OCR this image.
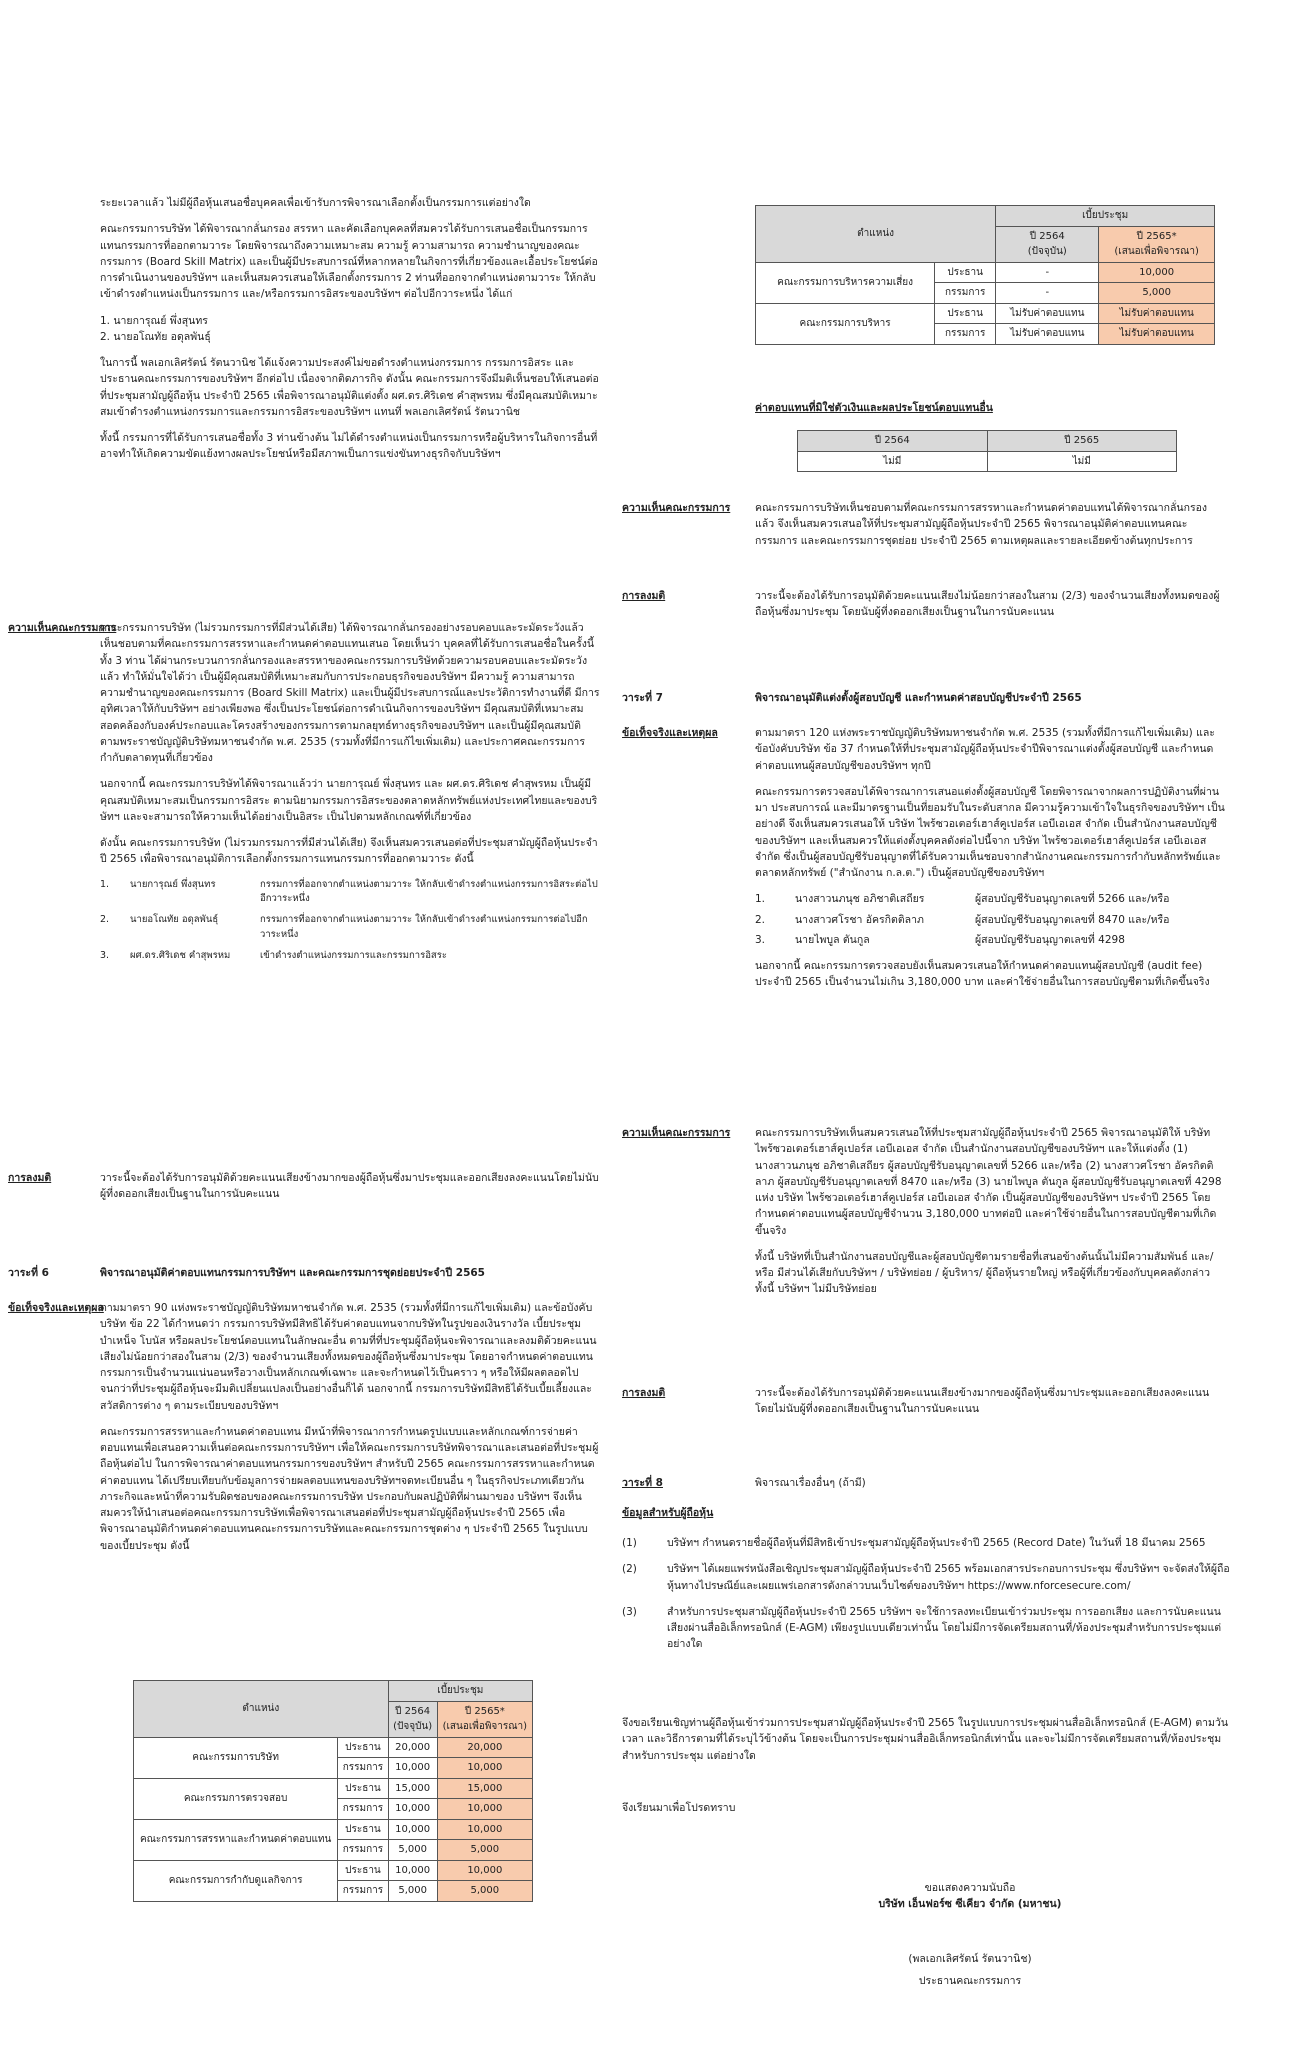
ระยะเวลาแล้ว ไม่มีผู้ถือหุ้นเสนอชื่อบุคคลเพื่อเข้ารับการพิจารณาเลือกตั้งเป็นกรรมการแต่อย่างใด

คณะกรรมการบริษัท ได้พิจารณากลั่นกรอง สรรหา และคัดเลือกบุคคลที่สมควรได้รับการเสนอชื่อเป็นกรรมการแทนกรรมการที่ออกตามวาระ โดยพิจารณาถึงความเหมาะสม ความรู้ ความสามารถ ความชำนาญของคณะกรรมการ (Board Skill Matrix) และเป็นผู้มีประสบการณ์ที่หลากหลายในกิจการที่เกี่ยวข้องและเอื้อประโยชน์ต่อการดำเนินงานของบริษัทฯ และเห็นสมควรเสนอให้เลือกตั้งกรรมการ 2 ท่านที่ออกจากตำแหน่งตามวาระ ให้กลับเข้าดำรงตำแหน่งเป็นกรรมการ และ/หรือกรรมการอิสระของบริษัทฯ ต่อไปอีกวาระหนึ่ง ได้แก่

1. นายการุณย์ พึ่งสุนทร
2. นายอโณทัย อดุลพันธุ์

ในการนี้ พลเอกเลิศรัตน์ รัตนวานิช ได้แจ้งความประสงค์ไม่ขอดำรงตำแหน่งกรรมการ กรรมการอิสระ และประธานคณะกรรมการของบริษัทฯ อีกต่อไป เนื่องจากติดภารกิจ ดังนั้น คณะกรรมการจึงมีมติเห็นชอบให้เสนอต่อที่ประชุมสามัญผู้ถือหุ้น ประจำปี 2565 เพื่อพิจารณาอนุมัติแต่งตั้ง ผศ.ดร.ศิริเดช คำสุพรหม ซึ่งมีคุณสมบัติเหมาะสมเข้าดำรงตำแหน่งกรรมการและกรรมการอิสระของบริษัทฯ แทนที่ พลเอกเลิศรัตน์ รัตนวานิช

ทั้งนี้ กรรมการที่ได้รับการเสนอชื่อทั้ง 3 ท่านข้างต้น ไม่ได้ดำรงตำแหน่งเป็นกรรมการหรือผู้บริหารในกิจการอื่นที่อาจทำให้เกิดความขัดแย้งทางผลประโยชน์หรือมีสภาพเป็นการแข่งขันทางธุรกิจกับบริษัทฯ

ความเห็นคณะกรรมการ

คณะกรรมการบริษัท (ไม่รวมกรรมการที่มีส่วนได้เสีย) ได้พิจารณากลั่นกรองอย่างรอบคอบและระมัดระวังแล้ว เห็นชอบตามที่คณะกรรมการสรรหาและกำหนดค่าตอบแทนเสนอ โดยเห็นว่า บุคคลที่ได้รับการเสนอชื่อในครั้งนี้ทั้ง 3 ท่าน ได้ผ่านกระบวนการกลั่นกรองและสรรหาของคณะกรรมการบริษัทด้วยความรอบคอบและระมัดระวังแล้ว ทำให้มั่นใจได้ว่า เป็นผู้มีคุณสมบัติที่เหมาะสมกับการประกอบธุรกิจของบริษัทฯ มีความรู้ ความสามารถ ความชำนาญของคณะกรรมการ (Board Skill Matrix) และเป็นผู้มีประสบการณ์และประวัติการทำงานที่ดี มีการอุทิศเวลาให้กับบริษัทฯ อย่างเพียงพอ ซึ่งเป็นประโยชน์ต่อการดำเนินกิจการของบริษัทฯ มีคุณสมบัติที่เหมาะสมสอดคล้องกับองค์ประกอบและโครงสร้างของกรรมการตามกลยุทธ์ทางธุรกิจของบริษัทฯ และเป็นผู้มีคุณสมบัติตามพระราชบัญญัติบริษัทมหาชนจำกัด พ.ศ. 2535 (รวมทั้งที่มีการแก้ไขเพิ่มเติม) และประกาศคณะกรรมการกำกับตลาดทุนที่เกี่ยวข้อง

นอกจากนี้ คณะกรรมการบริษัทได้พิจารณาแล้วว่า นายการุณย์ พึ่งสุนทร และ ผศ.ดร.ศิริเดช คำสุพรหม เป็นผู้มีคุณสมบัติเหมาะสมเป็นกรรมการอิสระ ตามนิยามกรรมการอิสระของตลาดหลักทรัพย์แห่งประเทศไทยและของบริษัทฯ และจะสามารถให้ความเห็นได้อย่างเป็นอิสระ เป็นไปตามหลักเกณฑ์ที่เกี่ยวข้อง

ดังนั้น คณะกรรมการบริษัท (ไม่รวมกรรมการที่มีส่วนได้เสีย) จึงเห็นสมควรเสนอต่อที่ประชุมสามัญผู้ถือหุ้นประจำปี 2565 เพื่อพิจารณาอนุมัติการเลือกตั้งกรรมการแทนกรรมการที่ออกตามวาระ ดังนี้

1.	นายการุณย์ พึ่งสุนทร	กรรมการที่ออกจากตำแหน่งตามวาระ ให้กลับเข้าดำรงตำแหน่งกรรมการอิสระต่อไปอีกวาระหนึ่ง
2.	นายอโณทัย อดุลพันธุ์	กรรมการที่ออกจากตำแหน่งตามวาระ ให้กลับเข้าดำรงตำแหน่งกรรมการต่อไปอีกวาระหนึ่ง
3.	ผศ.ดร.ศิริเดช คำสุพรหม	เข้าดำรงตำแหน่งกรรมการและกรรมการอิสระ
การลงมติ	วาระนี้จะต้องได้รับการอนุมัติด้วยคะแนนเสียงข้างมากของผู้ถือหุ้นซึ่งมาประชุมและออกเสียงลงคะแนนโดยไม่นับผู้ที่งดออกเสียงเป็นฐานในการนับคะแนน
วาระที่ 6	พิจารณาอนุมัติค่าตอบแทนกรรมการบริษัทฯ และคณะกรรมการชุดย่อยประจำปี 2565
ข้อเท็จจริงและเหตุผล

ตามมาตรา 90 แห่งพระราชบัญญัติบริษัทมหาชนจำกัด พ.ศ. 2535 (รวมทั้งที่มีการแก้ไขเพิ่มเติม) และข้อบังคับบริษัท ข้อ 22 ได้กำหนดว่า กรรมการบริษัทมีสิทธิได้รับค่าตอบแทนจากบริษัทในรูปของเงินรางวัล เบี้ยประชุม บำเหน็จ โบนัส หรือผลประโยชน์ตอบแทนในลักษณะอื่น ตามที่ที่ประชุมผู้ถือหุ้นจะพิจารณาและลงมติด้วยคะแนนเสียงไม่น้อยกว่าสองในสาม (2/3) ของจำนวนเสียงทั้งหมดของผู้ถือหุ้นซึ่งมาประชุม โดยอาจกำหนดค่าตอบแทนกรรมการเป็นจำนวนแน่นอนหรือวางเป็นหลักเกณฑ์เฉพาะ และจะกำหนดไว้เป็นคราว ๆ หรือให้มีผลตลอดไปจนกว่าที่ประชุมผู้ถือหุ้นจะมีมติเปลี่ยนแปลงเป็นอย่างอื่นก็ได้ นอกจากนี้ กรรมการบริษัทมีสิทธิได้รับเบี้ยเลี้ยงและสวัสดิการต่าง ๆ ตามระเบียบของบริษัทฯ

คณะกรรมการสรรหาและกำหนดค่าตอบแทน มีหน้าที่พิจารณาการกำหนดรูปแบบและหลักเกณฑ์การจ่ายค่าตอบแทนเพื่อเสนอความเห็นต่อคณะกรรมการบริษัทฯ เพื่อให้คณะกรรมการบริษัทพิจารณาและเสนอต่อที่ประชุมผู้ถือหุ้นต่อไป ในการพิจารณาค่าตอบแทนกรรมการของบริษัทฯ สำหรับปี 2565 คณะกรรมการสรรหาและกำหนดค่าตอบแทน ได้เปรียบเทียบกับข้อมูลการจ่ายผลตอบแทนของบริษัทฯจดทะเบียนอื่น ๆ ในธุรกิจประเภทเดียวกัน ภาระกิจและหน้าที่ความรับผิดชอบของคณะกรรมการบริษัท ประกอบกับผลปฏิบัติที่ผ่านมาของ บริษัทฯ จึงเห็นสมควรให้นำเสนอต่อคณะกรรมการบริษัทเพื่อพิจารณาเสนอต่อที่ประชุมสามัญผู้ถือหุ้นประจำปี 2565 เพื่อพิจารณาอนุมัติกำหนดค่าตอบแทนคณะกรรมการบริษัทและคณะกรรมการชุดต่าง ๆ ประจำปี 2565 ในรูปแบบของเบี้ยประชุม ดังนี้

ตำแหน่ง		เบี้ยประชุม	
		ปี 2564
(ปัจจุบัน)	ปี 2565*
(เสนอเพื่อพิจารณา)
คณะกรรมการบริษัท	ประธาน	20,000	20,000
	กรรมการ	10,000	10,000
คณะกรรมการตรวจสอบ	ประธาน	15,000	15,000
	กรรมการ	10,000	10,000
คณะกรรมการสรรหาและกำหนดค่าตอบแทน	ประธาน	10,000	10,000
	กรรมการ	5,000	5,000
คณะกรรมการกำกับดูแลกิจการ	ประธาน	10,000	10,000
	กรรมการ	5,000	5,000
ตำแหน่ง		เบี้ยประชุม	
		ปี 2564
(ปัจจุบัน)	ปี 2565*
(เสนอเพื่อพิจารณา)
คณะกรรมการบริหารความเสี่ยง	ประธาน	-	10,000
	กรรมการ	-	5,000
คณะกรรมการบริหาร	ประธาน	ไม่รับค่าตอบแทน	ไม่รับค่าตอบแทน
	กรรมการ	ไม่รับค่าตอบแทน	ไม่รับค่าตอบแทน
ค่าตอบแทนที่มิใช่ตัวเงินและผลประโยชน์ตอบแทนอื่น
ปี 2564	ปี 2565
ไม่มี	ไม่มี
ความเห็นคณะกรรมการ คณะกรรมการบริษัทเห็นชอบตามที่คณะกรรมการสรรหาและกำหนดค่าตอบแทนได้พิจารณากลั่นกรองแล้ว จึงเห็นสมควรเสนอให้ที่ประชุมสามัญผู้ถือหุ้นประจำปี 2565 พิจารณาอนุมัติค่าตอบแทนคณะกรรมการ และคณะกรรมการชุดย่อย ประจำปี 2565 ตามเหตุผลและรายละเอียดข้างต้นทุกประการ
การลงมติ	วาระนี้จะต้องได้รับการอนุมัติด้วยคะแนนเสียงไม่น้อยกว่าสองในสาม (2/3) ของจำนวนเสียงทั้งหมดของผู้ถือหุ้นซึ่งมาประชุม โดยนับผู้ที่งดออกเสียงเป็นฐานในการนับคะแนน
วาระที่ 7	พิจารณาอนุมัติแต่งตั้งผู้สอบบัญชี และกำหนดค่าสอบบัญชีประจำปี 2565
ข้อเท็จจริงและเหตุผล	ตามมาตรา 120 แห่งพระราชบัญญัติบริษัทมหาชนจำกัด พ.ศ. 2535 (รวมทั้งที่มีการแก้ไขเพิ่มเติม) และข้อบังคับบริษัท ข้อ 37 กำหนดให้ที่ประชุมสามัญผู้ถือหุ้นประจำปีพิจารณาแต่งตั้งผู้สอบบัญชี และกำหนดค่าตอบแทนผู้สอบบัญชีของบริษัทฯ ทุกปี

คณะกรรมการตรวจสอบได้พิจารณาการเสนอแต่งตั้งผู้สอบบัญชี โดยพิจารณาจากผลการปฏิบัติงานที่ผ่านมา ประสบการณ์ และมีมาตรฐานเป็นที่ยอมรับในระดับสากล มีความรู้ความเข้าใจในธุรกิจของบริษัทฯ เป็นอย่างดี จึงเห็นสมควรเสนอให้ บริษัท ไพร้ซวอเตอร์เฮาส์คูเปอร์ส เอบีเอเอส จำกัด เป็นสำนักงานสอบบัญชีของบริษัทฯ และเห็นสมควรให้แต่งตั้งบุคคลดังต่อไปนี้จาก บริษัท ไพร้ซวอเตอร์เฮาส์คูเปอร์ส เอบีเอเอส จำกัด ซึ่งเป็นผู้สอบบัญชีรับอนุญาตที่ได้รับความเห็นชอบจากสำนักงานคณะกรรมการกำกับหลักทรัพย์และตลาดหลักทรัพย์ ("สำนักงาน ก.ล.ต.") เป็นผู้สอบบัญชีของบริษัทฯ

1.	นางสาวนภนุช อภิชาติเสถียร	ผู้สอบบัญชีรับอนุญาตเลขที่ 5266 และ/หรือ
2.	นางสาวศโรชา อัครกิตติลาภ	ผู้สอบบัญชีรับอนุญาตเลขที่ 8470 และ/หรือ
3.	นายไพบูล ตันกูล	ผู้สอบบัญชีรับอนุญาตเลขที่ 4298

นอกจากนี้ คณะกรรมการตรวจสอบยังเห็นสมควรเสนอให้กำหนดค่าตอบแทนผู้สอบบัญชี (audit fee) ประจำปี 2565 เป็นจำนวนไม่เกิน 3,180,000 บาท และค่าใช้จ่ายอื่นในการสอบบัญชีตามที่เกิดขึ้นจริง

ความเห็นคณะกรรมการ คณะกรรมการบริษัทเห็นสมควรเสนอให้ที่ประชุมสามัญผู้ถือหุ้นประจำปี 2565 พิจารณาอนุมัติให้ บริษัท ไพร้ซวอเตอร์เฮาส์คูเปอร์ส เอบีเอเอส จำกัด เป็นสำนักงานสอบบัญชีของบริษัทฯ และให้แต่งตั้ง (1) นางสาวนภนุช อภิชาติเสถียร ผู้สอบบัญชีรับอนุญาตเลขที่ 5266 และ/หรือ (2) นางสาวศโรชา อัครกิตติลาภ ผู้สอบบัญชีรับอนุญาตเลขที่ 8470 และ/หรือ (3) นายไพบูล ตันกูล ผู้สอบบัญชีรับอนุญาตเลขที่ 4298 แห่ง บริษัท ไพร้ซวอเตอร์เฮาส์คูเปอร์ส เอบีเอเอส จำกัด เป็นผู้สอบบัญชีของบริษัทฯ ประจำปี 2565 โดยกำหนดค่าตอบแทนผู้สอบบัญชีจำนวน 3,180,000 บาทต่อปี และค่าใช้จ่ายอื่นในการสอบบัญชีตามที่เกิดขึ้นจริง

ทั้งนี้ บริษัทที่เป็นสำนักงานสอบบัญชีและผู้สอบบัญชีตามรายชื่อที่เสนอข้างต้นนั้นไม่มีความสัมพันธ์ และ/หรือ มีส่วนได้เสียกับบริษัทฯ / บริษัทย่อย / ผู้บริหาร/ ผู้ถือหุ้นรายใหญ่ หรือผู้ที่เกี่ยวข้องกับบุคคลดังกล่าว ทั้งนี้ บริษัทฯ ไม่มีบริษัทย่อย

การลงมติ	วาระนี้จะต้องได้รับการอนุมัติด้วยคะแนนเสียงข้างมากของผู้ถือหุ้นซึ่งมาประชุมและออกเสียงลงคะแนน โดยไม่นับผู้ที่งดออกเสียงเป็นฐานในการนับคะแนน
วาระที่ 8	พิจารณาเรื่องอื่นๆ (ถ้ามี)
ข้อมูลสำหรับผู้ถือหุ้น
(1)	บริษัทฯ กำหนดรายชื่อผู้ถือหุ้นที่มีสิทธิเข้าประชุมสามัญผู้ถือหุ้นประจำปี 2565 (Record Date) ในวันที่ 18 มีนาคม 2565
(2)	บริษัทฯ ได้เผยแพร่หนังสือเชิญประชุมสามัญผู้ถือหุ้นประจำปี 2565 พร้อมเอกสารประกอบการประชุม ซึ่งบริษัทฯ จะจัดส่งให้ผู้ถือหุ้นทางไปรษณีย์และเผยแพร่เอกสารดังกล่าวบนเว็บไซต์ของบริษัทฯ https://www.nforcesecure.com/
(3)	สำหรับการประชุมสามัญผู้ถือหุ้นประจำปี 2565 บริษัทฯ จะใช้การลงทะเบียนเข้าร่วมประชุม การออกเสียง และการนับคะแนนเสียงผ่านสื่ออิเล็กทรอนิกส์ (E-AGM) เพียงรูปแบบเดียวเท่านั้น โดยไม่มีการจัดเตรียมสถานที่/ห้องประชุมสำหรับการประชุมแต่อย่างใด
จึงขอเรียนเชิญท่านผู้ถือหุ้นเข้าร่วมการประชุมสามัญผู้ถือหุ้นประจำปี 2565 ในรูปแบบการประชุมผ่านสื่ออิเล็กทรอนิกส์ (E-AGM) ตามวัน เวลา และวิธีการตามที่ได้ระบุไว้ข้างต้น โดยจะเป็นการประชุมผ่านสื่ออิเล็กทรอนิกส์เท่านั้น และจะไม่มีการจัดเตรียมสถานที่/ห้องประชุมสำหรับการประชุม แต่อย่างใด
จึงเรียนมาเพื่อโปรดทราบ
ขอแสดงความนับถือ
บริษัท เอ็นฟอร์ซ ซีเคียว จำกัด (มหาชน)
(พลเอกเลิศรัตน์ รัตนวานิช)
ประธานคณะกรรมการ
